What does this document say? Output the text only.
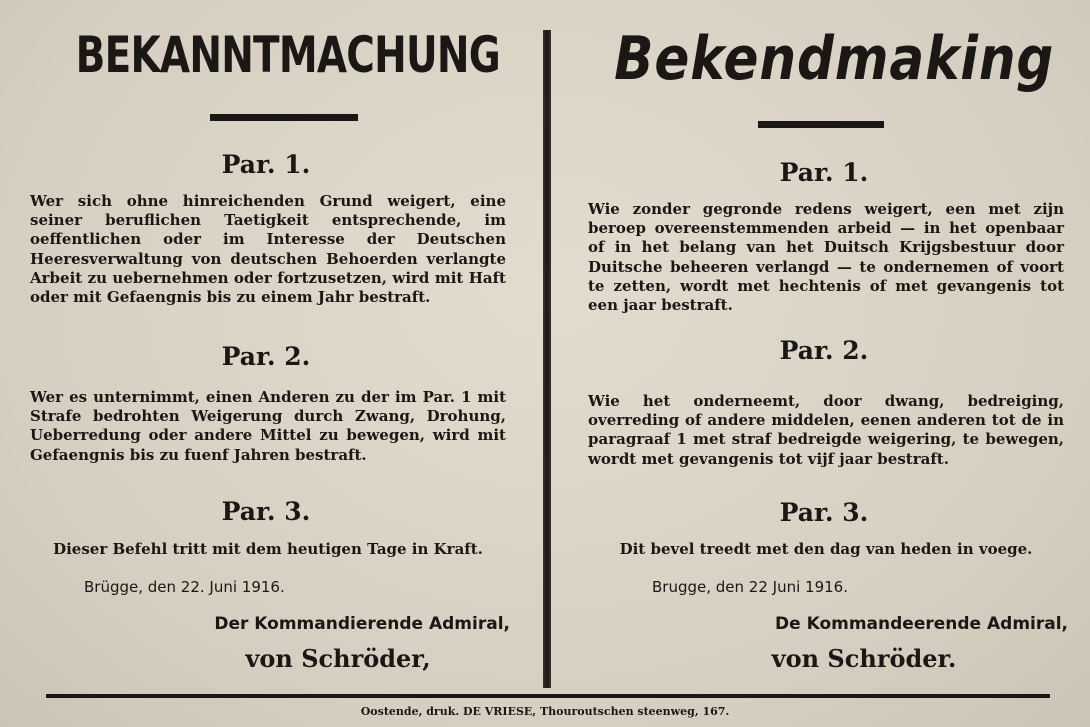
BEKANNTMACHUNG
Par. 1.
Wer sich ohne hinreichenden Grund weigert, eine seiner beruflichen Taetigkeit entsprechende, im oeffentlichen oder im Interesse der Deutschen Heeresverwaltung von deutschen Behoerden verlangte Arbeit zu uebernehmen oder fortzusetzen, wird mit Haft oder mit Gefaengnis bis zu einem Jahr bestraft.
Par. 2.
Wer es unternimmt, einen Anderen zu der im Par. 1 mit Strafe bedrohten Weigerung durch Zwang, Drohung, Ueberredung oder andere Mittel zu bewegen, wird mit Gefaengnis bis zu fuenf Jahren bestraft.
Par. 3.
Dieser Befehl tritt mit dem heutigen Tage in Kraft.
Brügge, den 22. Juni 1916.
Der Kommandierende Admiral,
von Schröder,
Bekendmaking
Par. 1.
Wie zonder gegronde redens weigert, een met zijn beroep overeenstemmenden arbeid — in het openbaar of in het belang van het Duitsch Krijgsbestuur door Duitsche beheeren verlangd — te ondernemen of voort te zetten, wordt met hechtenis of met gevangenis tot een jaar bestraft.
Par. 2.
Wie het onderneemt, door dwang, bedreiging, overreding of andere middelen, eenen anderen tot de in paragraaf 1 met straf bedreigde weigering, te bewegen, wordt met gevangenis tot vijf jaar bestraft.
Par. 3.
Dit bevel treedt met den dag van heden in voege.
Brugge, den 22 Juni 1916.
De Kommandeerende Admiral,
von Schröder.
Oostende, druk. DE VRIESE, Thouroutschen steenweg, 167.
